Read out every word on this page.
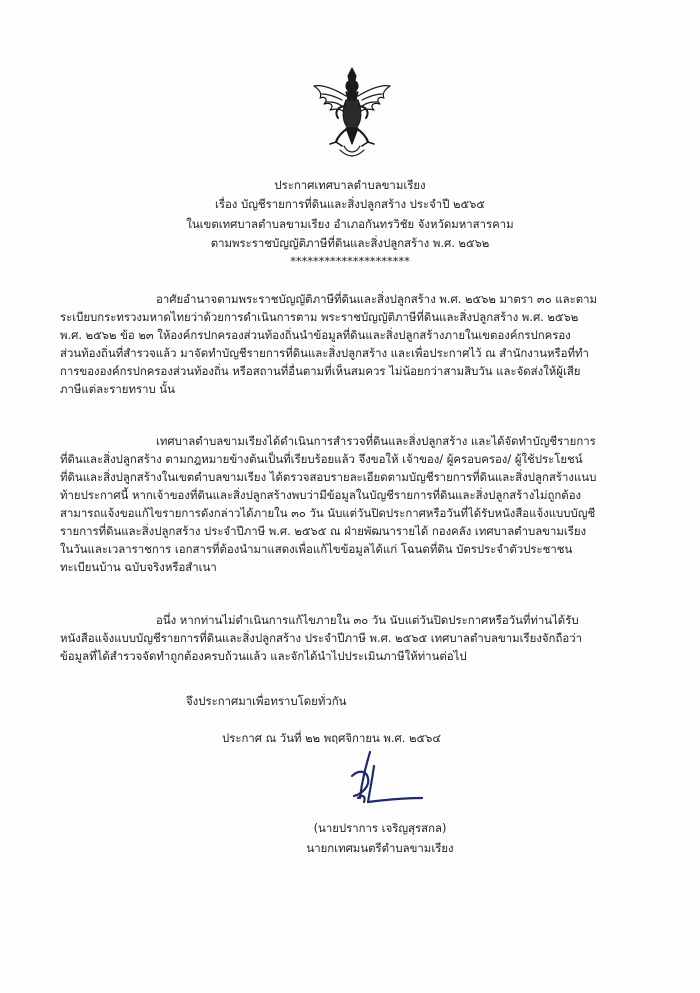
ประกาศเทศบาลตำบลขามเรียง
เรื่อง บัญชีรายการที่ดินและสิ่งปลูกสร้าง ประจำปี ๒๕๖๕
ในเขตเทศบาลตำบลขามเรียง อำเภอกันทรวิชัย จังหวัดมหาสารคาม
ตามพระราชบัญญัติภาษีที่ดินและสิ่งปลูกสร้าง พ.ศ. ๒๕๖๒
*********************
อาศัยอำนาจตามพระราชบัญญัติภาษีที่ดินและสิ่งปลูกสร้าง พ.ศ. ๒๕๖๒ มาตรา ๓๐ และตาม
ระเบียบกระทรวงมหาดไทยว่าด้วยการดำเนินการตาม พระราชบัญญัติภาษีที่ดินและสิ่งปลูกสร้าง พ.ศ. ๒๕๖๒
พ.ศ. ๒๕๖๒ ข้อ ๒๓ ให้องค์กรปกครองส่วนท้องถิ่นนำข้อมูลที่ดินและสิ่งปลูกสร้างภายในเขตองค์กรปกครอง
ส่วนท้องถิ่นที่สำรวจแล้ว มาจัดทำบัญชีรายการที่ดินและสิ่งปลูกสร้าง และเพื่อประกาศไว้ ณ สำนักงานหรือที่ทำ
การขององค์กรปกครองส่วนท้องถิ่น หรือสถานที่อื่นตามที่เห็นสมควร ไม่น้อยกว่าสามสิบวัน และจัดส่งให้ผู้เสีย
ภาษีแต่ละรายทราบ นั้น
เทศบาลตำบลขามเรียงได้ดำเนินการสำรวจที่ดินและสิ่งปลูกสร้าง และได้จัดทำบัญชีรายการ
ที่ดินและสิ่งปลูกสร้าง ตามกฎหมายข้างต้นเป็นที่เรียบร้อยแล้ว จึงขอให้ เจ้าของ/ ผู้ครอบครอง/ ผู้ใช้ประโยชน์
ที่ดินและสิ่งปลูกสร้างในเขตตำบลขามเรียง ได้ตรวจสอบรายละเอียดตามบัญชีรายการที่ดินและสิ่งปลูกสร้างแนบ
ท้ายประกาศนี้ หากเจ้าของที่ดินและสิ่งปลูกสร้างพบว่ามีข้อมูลในบัญชีรายการที่ดินและสิ่งปลูกสร้างไม่ถูกต้อง
สามารถแจ้งขอแก้ไขรายการดังกล่าวได้ภายใน ๓๐ วัน นับแต่วันปิดประกาศหรือวันที่ได้รับหนังสือแจ้งแบบบัญชี
รายการที่ดินและสิ่งปลูกสร้าง ประจำปีภาษี พ.ศ. ๒๕๖๕ ณ ฝ่ายพัฒนารายได้ กองคลัง เทศบาลตำบลขามเรียง
ในวันและเวลาราชการ เอกสารที่ต้องนำมาแสดงเพื่อแก้ไขข้อมูลได้แก่ โฉนดที่ดิน บัตรประจำตัวประชาชน
ทะเบียนบ้าน ฉบับจริงหรือสำเนา
อนึ่ง หากท่านไม่ดำเนินการแก้ไขภายใน ๓๐ วัน นับแต่วันปิดประกาศหรือวันที่ท่านได้รับ
หนังสือแจ้งแบบบัญชีรายการที่ดินและสิ่งปลูกสร้าง ประจำปีภาษี พ.ศ. ๒๕๖๕ เทศบาลตำบลขามเรียงจักถือว่า
ข้อมูลที่ได้สำรวจจัดทำถูกต้องครบถ้วนแล้ว และจักได้นำไปประเมินภาษีให้ท่านต่อไป
จึงประกาศมาเพื่อทราบโดยทั่วกัน
ประกาศ ณ วันที่ ๒๒ พฤศจิกายน พ.ศ. ๒๕๖๔
(นายปราการ เจริญสุรสกล)
นายกเทศมนตรีตำบลขามเรียง
